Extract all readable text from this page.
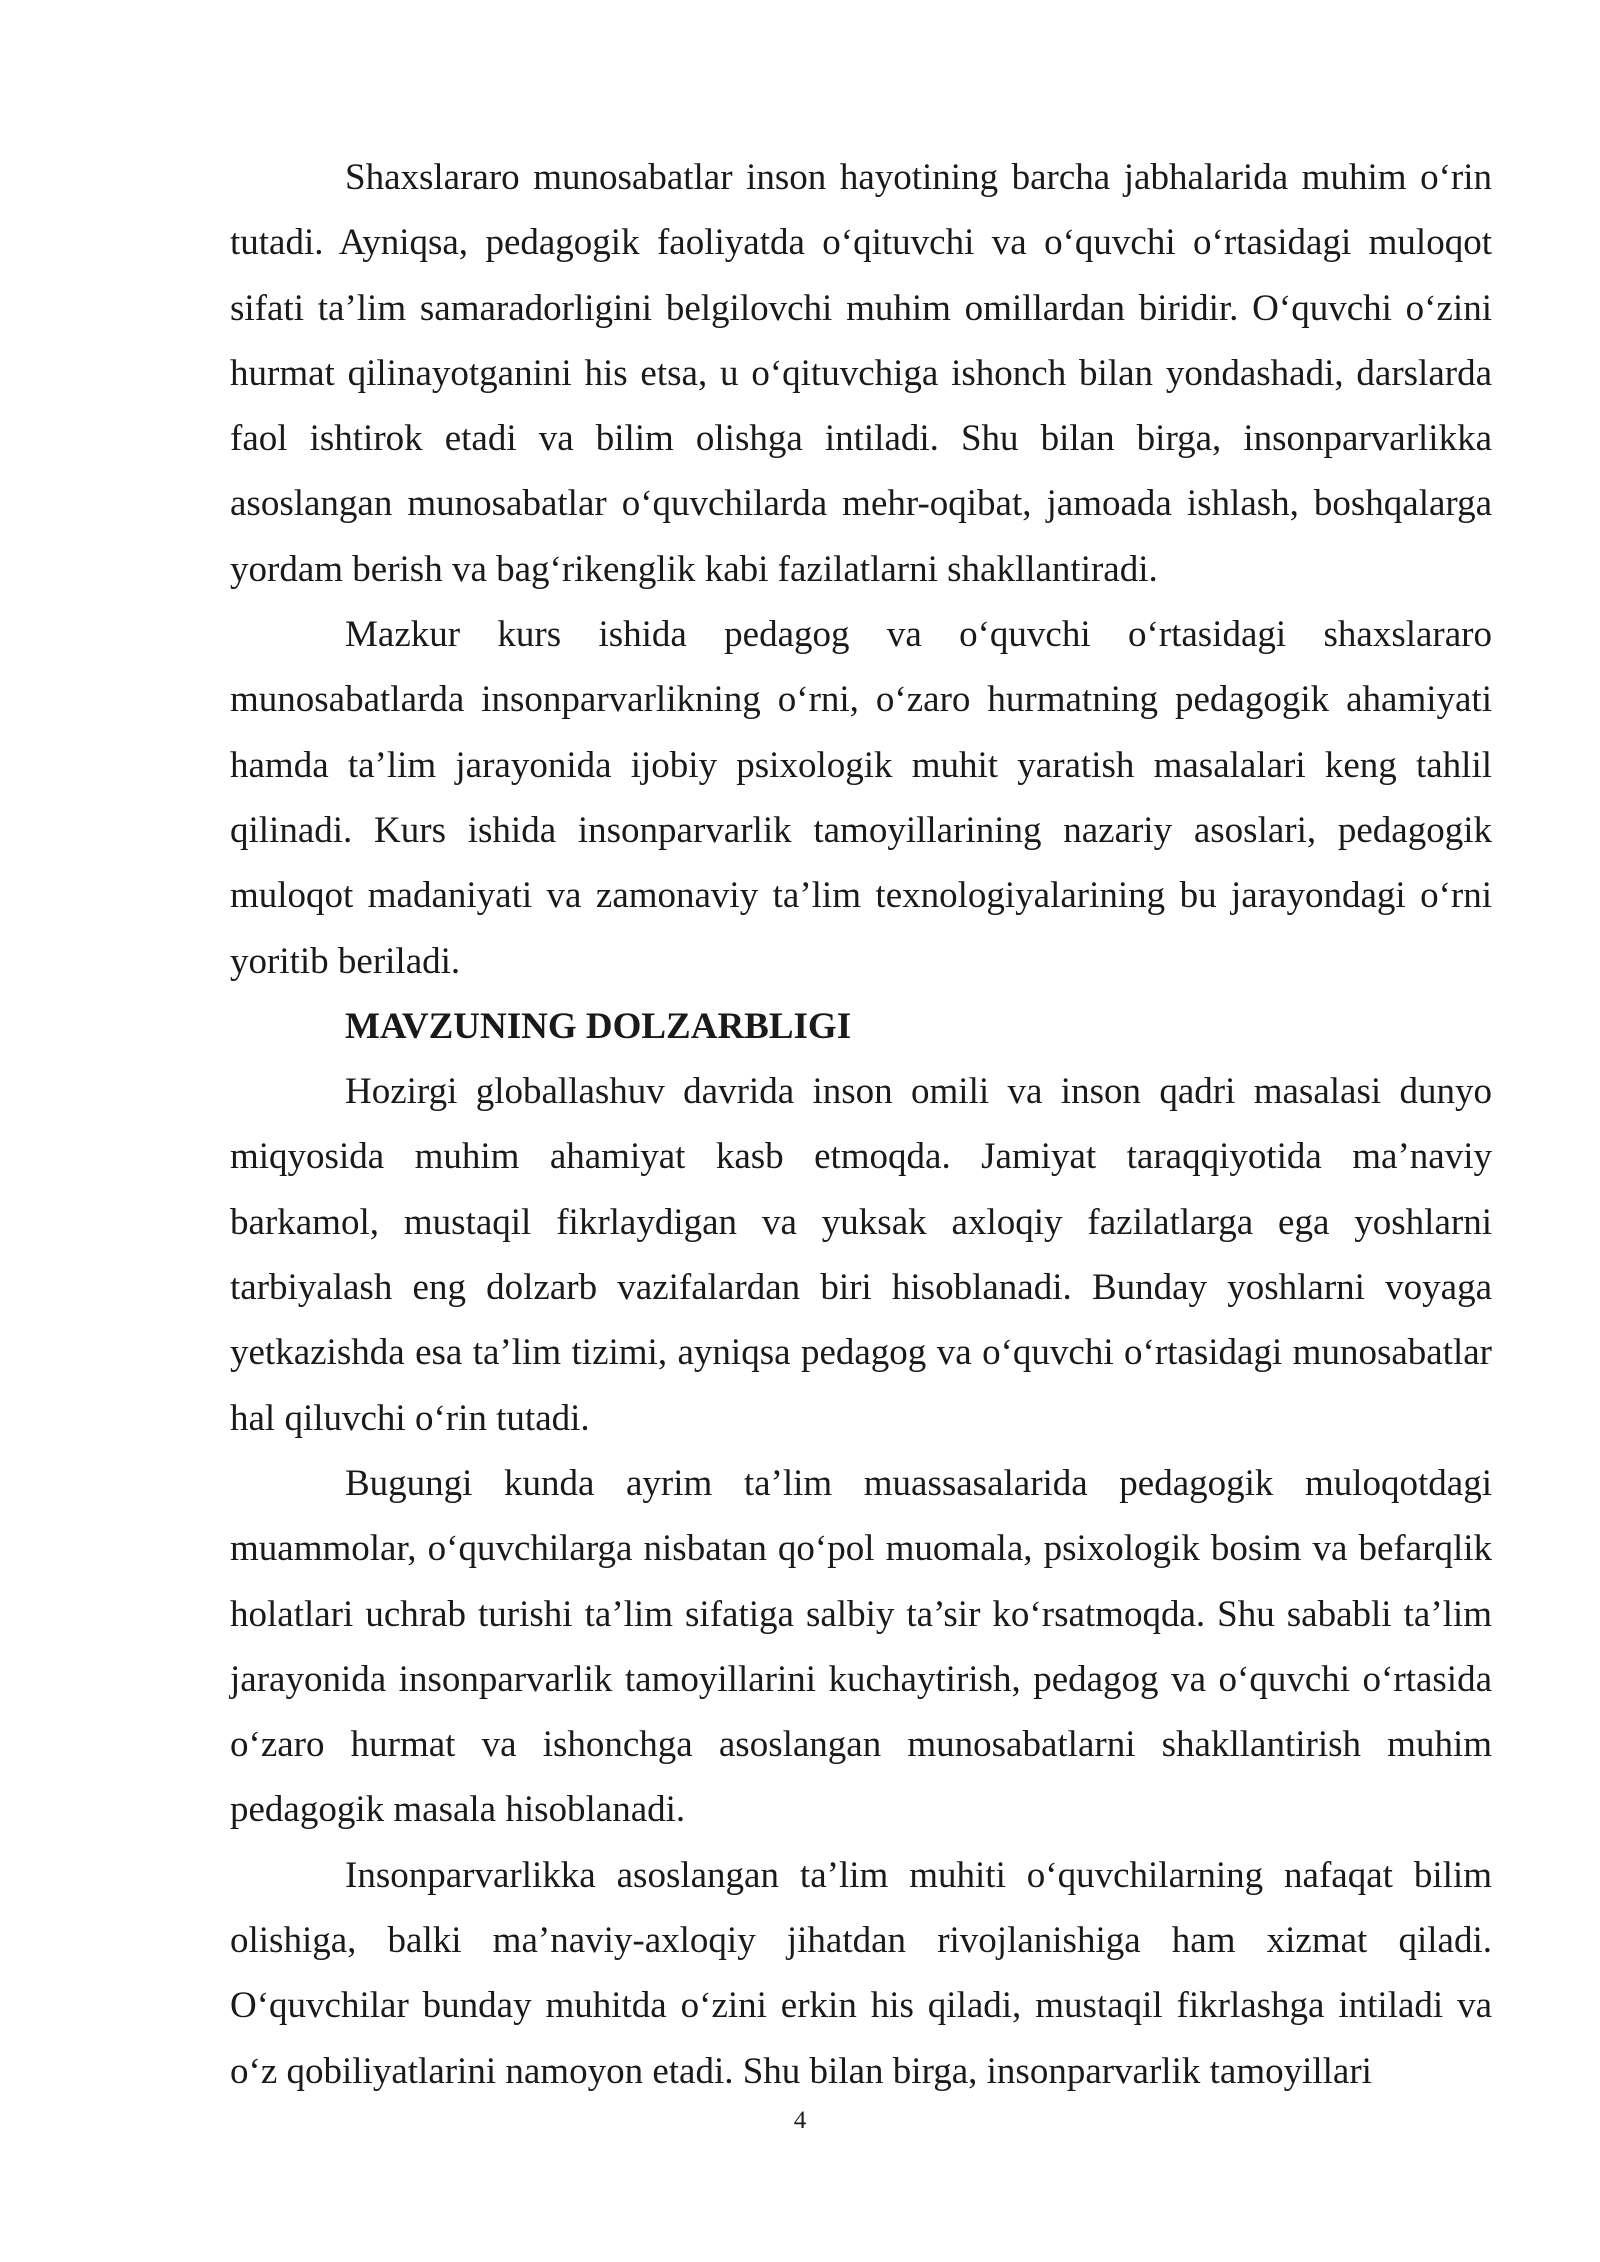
Shaxslararo munosabatlar inson hayotining barcha jabhalarida muhim o‘rin tutadi. Ayniqsa, pedagogik faoliyatda o‘qituvchi va o‘quvchi o‘rtasidagi muloqot sifati ta’lim samaradorligini belgilovchi muhim omillardan biridir. O‘quvchi o‘zini hurmat qilinayotganini his etsa, u o‘qituvchiga ishonch bilan yondashadi, darslarda faol ishtirok etadi va bilim olishga intiladi. Shu bilan birga, insonparvarlikka asoslangan munosabatlar o‘quvchilarda mehr-oqibat, jamoada ishlash, boshqalarga yordam berish va bag‘rikenglik kabi fazilatlarni shakllantiradi.

Mazkur kurs ishida pedagog va o‘quvchi o‘rtasidagi shaxslararo munosabatlarda insonparvarlikning o‘rni, o‘zaro hurmatning pedagogik ahamiyati hamda ta’lim jarayonida ijobiy psixologik muhit yaratish masalalari keng tahlil qilinadi. Kurs ishida insonparvarlik tamoyillarining nazariy asoslari, pedagogik muloqot madaniyati va zamonaviy ta’lim texnologiyalarining bu jarayondagi o‘rni yoritib beriladi.

MAVZUNING DOLZARBLIGI

Hozirgi globallashuv davrida inson omili va inson qadri masalasi dunyo miqyosida muhim ahamiyat kasb etmoqda. Jamiyat taraqqiyotida ma’naviy barkamol, mustaqil fikrlaydigan va yuksak axloqiy fazilatlarga ega yoshlarni tarbiyalash eng dolzarb vazifalardan biri hisoblanadi. Bunday yoshlarni voyaga yetkazishda esa ta’lim tizimi, ayniqsa pedagog va o‘quvchi o‘rtasidagi munosabatlar hal qiluvchi o‘rin tutadi.

Bugungi kunda ayrim ta’lim muassasalarida pedagogik muloqotdagi muammolar, o‘quvchilarga nisbatan qo‘pol muomala, psixologik bosim va befarqlik holatlari uchrab turishi ta’lim sifatiga salbiy ta’sir ko‘rsatmoqda. Shu sababli ta’lim jarayonida insonparvarlik tamoyillarini kuchaytirish, pedagog va o‘quvchi o‘rtasida o‘zaro hurmat va ishonchga asoslangan munosabatlarni shakllantirish muhim pedagogik masala hisoblanadi.

Insonparvarlikka asoslangan ta’lim muhiti o‘quvchilarning nafaqat bilim olishiga, balki ma’naviy-axloqiy jihatdan rivojlanishiga ham xizmat qiladi. O‘quvchilar bunday muhitda o‘zini erkin his qiladi, mustaqil fikrlashga intiladi va o‘z qobiliyatlarini namoyon etadi. Shu bilan birga, insonparvarlik tamoyillari

4
